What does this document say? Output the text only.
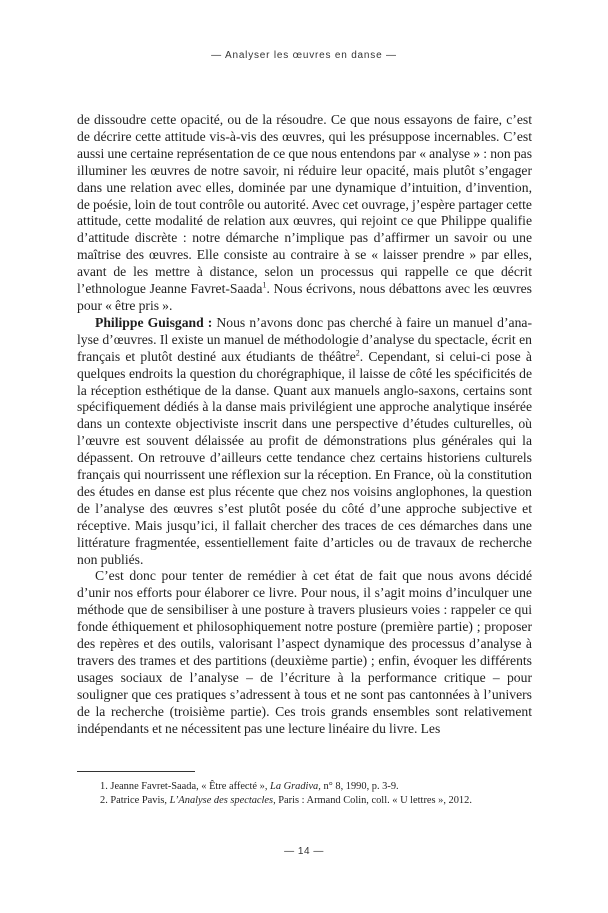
— Analyser les œuvres en danse —

de dissoudre cette opacité, ou de la résoudre. Ce que nous essayons de faire, c’est de décrire cette attitude vis-à-vis des œuvres, qui les présuppose incernables. C’est aussi une certaine représentation de ce que nous entendons par « analyse » : non pas illuminer les œuvres de notre savoir, ni réduire leur opacité, mais plutôt s’engager dans une relation avec elles, dominée par une dynamique d’intuition, d’invention, de poésie, loin de tout contrôle ou autorité. Avec cet ouvrage, j’espère partager cette attitude, cette modalité de relation aux œuvres, qui rejoint ce que Philippe qualifie d’attitude discrète : notre démarche n’implique pas d’affirmer un savoir ou une maîtrise des œuvres. Elle consiste au contraire à se « laisser prendre » par elles, avant de les mettre à distance, selon un processus qui rappelle ce que décrit l’ethnologue Jeanne Favret-Saada$^1$. Nous écrivons, nous débattons avec les œuvres pour « être pris ».

Philippe Guisgand : Nous n’avons donc pas cherché à faire un manuel d’analyse d’œuvres. Il existe un manuel de méthodologie d’analyse du spectacle, écrit en français et plutôt destiné aux étudiants de théâtre$^2$. Cependant, si celui-ci pose à quelques endroits la question du chorégraphique, il laisse de côté les spécificités de la réception esthétique de la danse. Quant aux manuels anglo-saxons, certains sont spécifiquement dédiés à la danse mais privilégient une approche analytique insérée dans un contexte objectiviste inscrit dans une perspective d’études culturelles, où l’œuvre est souvent délaissée au profit de démonstrations plus générales qui la dépassent. On retrouve d’ailleurs cette tendance chez certains historiens culturels français qui nourrissent une réflexion sur la réception. En France, où la constitution des études en danse est plus récente que chez nos voisins anglophones, la question de l’analyse des œuvres s’est plutôt posée du côté d’une approche subjective et réceptive. Mais jusqu’ici, il fallait chercher des traces de ces démarches dans une littérature fragmentée, essentiellement faite d’articles ou de travaux de recherche non publiés.

C’est donc pour tenter de remédier à cet état de fait que nous avons décidé d’unir nos efforts pour élaborer ce livre. Pour nous, il s’agit moins d’inculquer une méthode que de sensibiliser à une posture à travers plusieurs voies : rappeler ce qui fonde éthiquement et philosophiquement notre posture (première partie) ; proposer des repères et des outils, valorisant l’aspect dynamique des processus d’analyse à travers des trames et des partitions (deuxième partie) ; enfin, évoquer les différents usages sociaux de l’analyse – de l’écriture à la performance critique – pour souligner que ces pratiques s’adressent à tous et ne sont pas cantonnées à l’univers de la recherche (troisième partie). Ces trois grands ensembles sont relativement indépendants et ne nécessitent pas une lecture linéaire du livre. Les

1. Jeanne Favret-Saada, « Être affecté », La Gradiva, n° 8, 1990, p. 3-9.
2. Patrice Pavis, L’Analyse des spectacles, Paris : Armand Colin, coll. « U lettres », 2012.
— 14 —
